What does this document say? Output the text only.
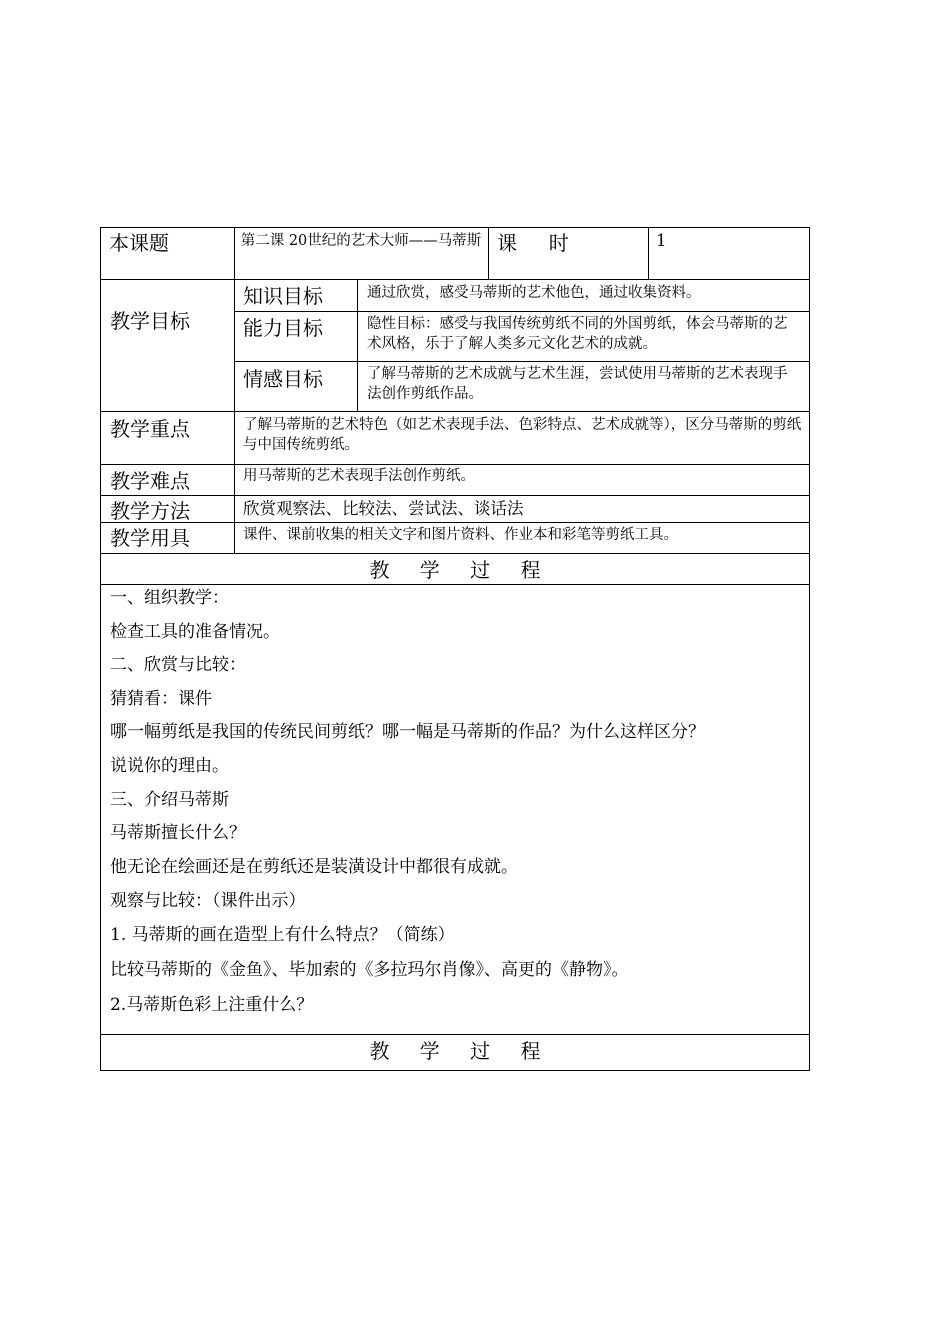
本课题	第二课 20世纪的艺术大师——马蒂斯 课     时	1
教学目标
知识目标	通过欣赏，感受马蒂斯的艺术他色，通过收集资料。
能力目标	隐性目标：感受与我国传统剪纸不同的外国剪纸，体会马蒂斯的艺术风格，乐于了解人类多元文化艺术的成就。
情感目标	了解马蒂斯的艺术成就与艺术生涯，尝试使用马蒂斯的艺术表现手法创作剪纸作品。
教学重点	了解马蒂斯的艺术特色（如艺术表现手法、色彩特点、艺术成就等），区分马蒂斯的剪纸与中国传统剪纸。
教学难点	用马蒂斯的艺术表现手法创作剪纸。
教学方法	欣赏观察法、比较法、尝试法、谈话法
教学用具	课件、课前收集的相关文字和图片资料、作业本和彩笔等剪纸工具。
教 学 过 程
一、组织教学：
检查工具的准备情况。
二、欣赏与比较：
猜猜看：课件
哪一幅剪纸是我国的传统民间剪纸？哪一幅是马蒂斯的作品？为什么这样区分？
说说你的理由。
三、介绍马蒂斯
马蒂斯擅长什么？
他无论在绘画还是在剪纸还是装潢设计中都很有成就。
观察与比较：（课件出示）
1. 马蒂斯的画在造型上有什么特点？（简练）
比较马蒂斯的《金鱼》、毕加索的《多拉玛尔肖像》、高更的《静物》。
2.马蒂斯色彩上注重什么？
教 学 过 程
